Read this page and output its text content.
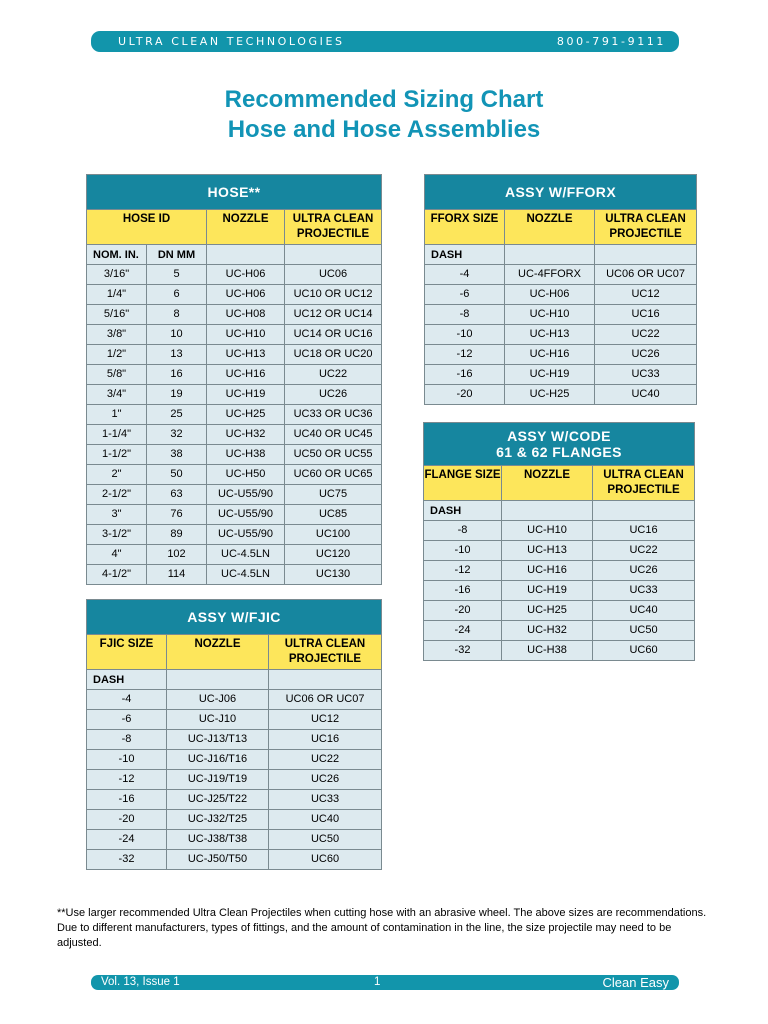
ULTRA CLEAN TECHNOLOGIES	800-791-9111
Recommended Sizing Chart
Hose and Hose Assemblies
HOSE**			
HOSE ID		NOZZLE	ULTRA CLEAN PROJECTILE
NOM. IN.	DN MM		
3/16"	5	UC-H06	UC06
1/4"	6	UC-H06	UC10 OR UC12
5/16"	8	UC-H08	UC12 OR UC14
3/8"	10	UC-H10	UC14 OR UC16
1/2"	13	UC-H13	UC18 OR UC20
5/8"	16	UC-H16	UC22
3/4"	19	UC-H19	UC26
1"	25	UC-H25	UC33 OR UC36
1-1/4"	32	UC-H32	UC40 OR UC45
1-1/2"	38	UC-H38	UC50 OR UC55
2"	50	UC-H50	UC60 OR UC65
2-1/2"	63	UC-U55/90	UC75
3"	76	UC-U55/90	UC85
3-1/2"	89	UC-U55/90	UC100
4"	102	UC-4.5LN	UC120
4-1/2"	114	UC-4.5LN	UC130
ASSY W/FJIC		
FJIC SIZE	NOZZLE	ULTRA CLEAN PROJECTILE
DASH		
-4	UC-J06	UC06 OR UC07
-6	UC-J10	UC12
-8	UC-J13/T13	UC16
-10	UC-J16/T16	UC22
-12	UC-J19/T19	UC26
-16	UC-J25/T22	UC33
-20	UC-J32/T25	UC40
-24	UC-J38/T38	UC50
-32	UC-J50/T50	UC60
ASSY W/FFORX		
FFORX SIZE	NOZZLE	ULTRA CLEAN PROJECTILE
DASH		
-4	UC-4FFORX	UC06 OR UC07
-6	UC-H06	UC12
-8	UC-H10	UC16
-10	UC-H13	UC22
-12	UC-H16	UC26
-16	UC-H19	UC33
-20	UC-H25	UC40
ASSY W/CODE
61 & 62 FLANGES		

FLANGE SIZE	NOZZLE	ULTRA CLEAN PROJECTILE
DASH		
-8	UC-H10	UC16
-10	UC-H13	UC22
-12	UC-H16	UC26
-16	UC-H19	UC33
-20	UC-H25	UC40
-24	UC-H32	UC50
-32	UC-H38	UC60
**Use larger recommended Ultra Clean Projectiles when cutting hose with an abrasive wheel. The above sizes are recommendations. Due to different manufacturers, types of fittings, and the amount of contamination in the line, the size projectile may need to be adjusted.
Vol. 13, Issue 1	1	Clean Easy
